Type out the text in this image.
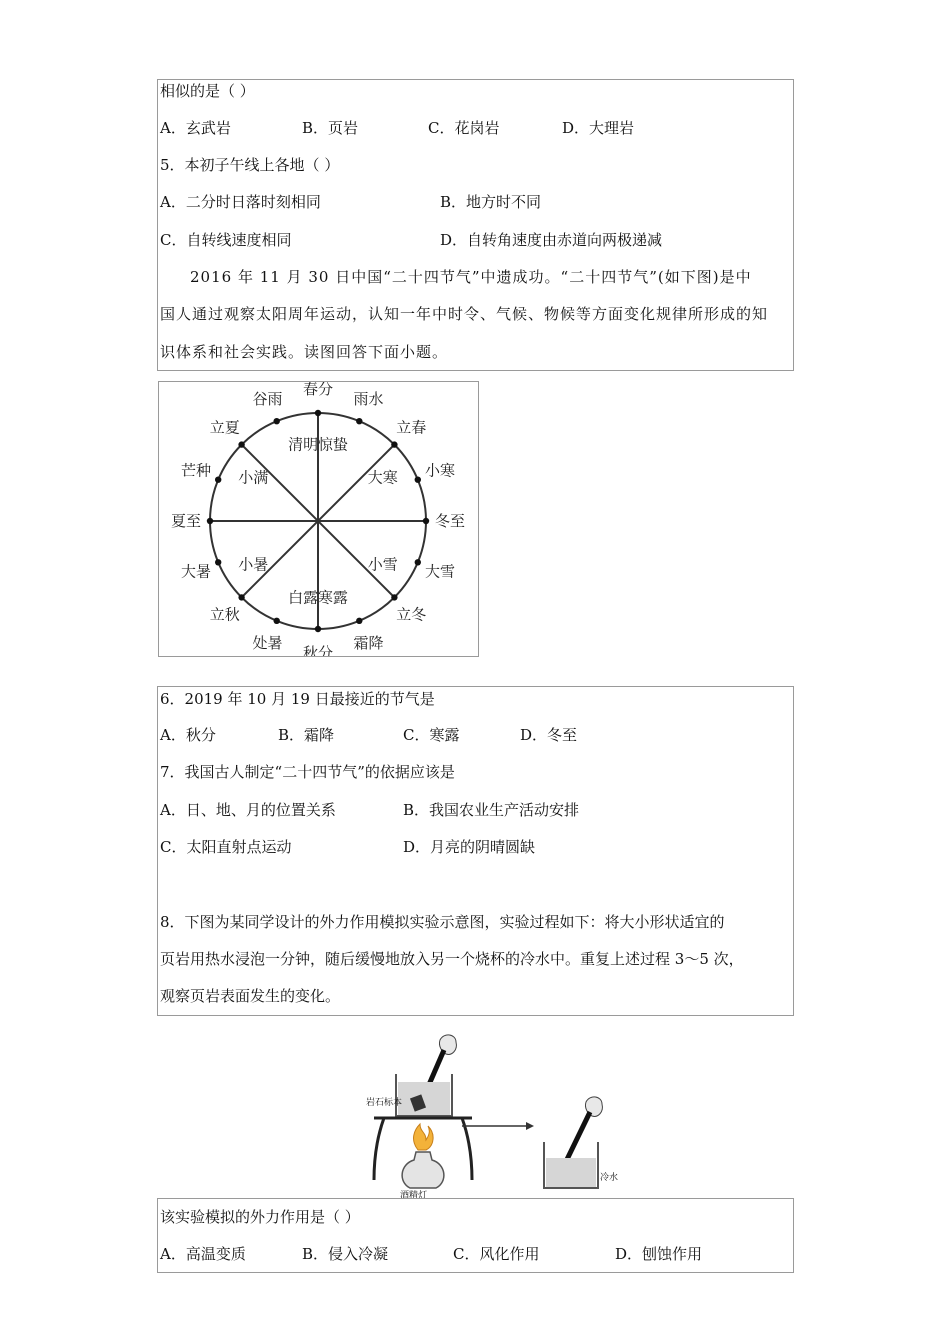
相似的是（ ）
A．玄武岩	B．页岩	C．花岗岩	D．大理岩
5．本初子午线上各地（ ）
A．二分时日落时刻相同	B．地方时不同
C．自转线速度相同	D．自转角速度由赤道向两极递减
2016 年 11 月 30 日中国“二十四节气”中遗成功。“二十四节气”(如下图)是中
国人通过观察太阳周年运动，认知一年中时令、气候、物候等方面变化规律所形成的知
识体系和社会实践。读图回答下面小题。
春分
雨水
立春
小寒
冬至
大雪
立冬
霜降
秋分
处暑
立秋
大暑
夏至
芒种
立夏
谷雨
清明 惊蛰
大寒
小雪
寒露
白露
小暑
小满
6．2019 年 10 月 19 日最接近的节气是
A．秋分	B．霜降	C．寒露	D．冬至
7．我国古人制定“二十四节气”的依据应该是
A．日、地、月的位置关系	B．我国农业生产活动安排
C．太阳直射点运动	D．月亮的阴晴圆缺
8．下图为某同学设计的外力作用模拟实验示意图，实验过程如下：将大小形状适宜的
页岩用热水浸泡一分钟，随后缓慢地放入另一个烧杯的冷水中。重复上述过程 3～5 次，
观察页岩表面发生的变化。
岩石标本
酒精灯
冷水
该实验模拟的外力作用是（ ）
A．高温变质	B．侵入冷凝	C．风化作用	D．刨蚀作用
